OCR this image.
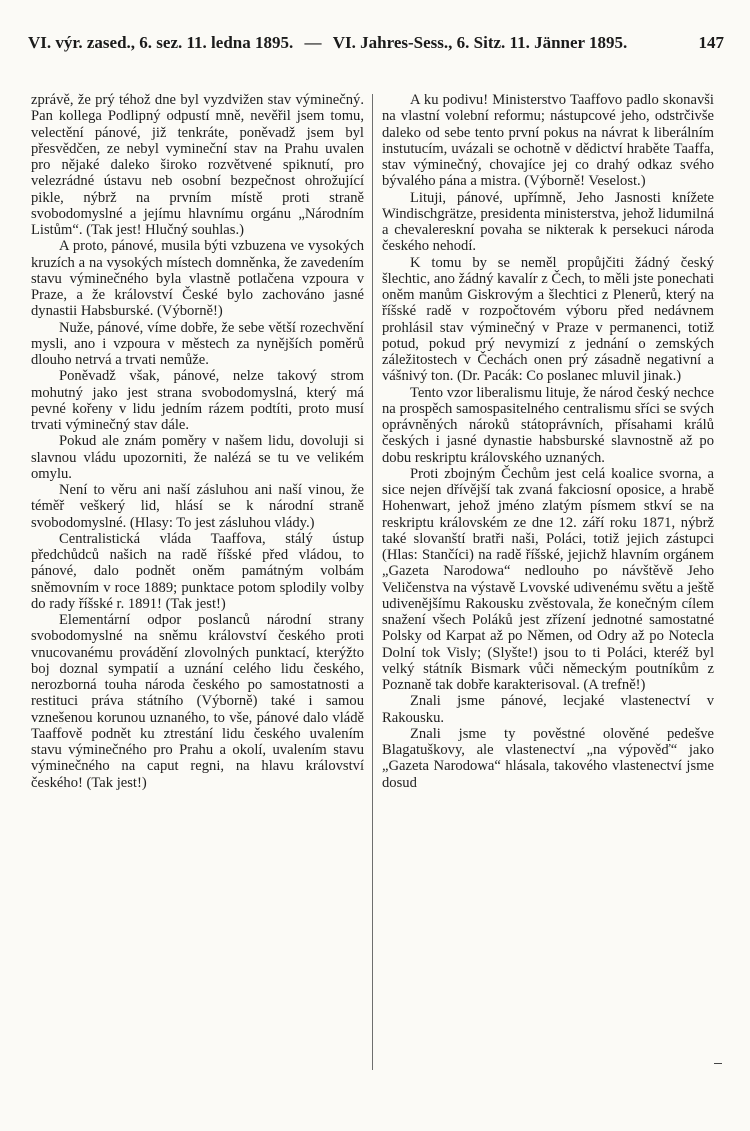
VI. výr. zased., 6. sez. 11. ledna 1895. — VI. Jahres-Sess., 6. Sitz. 11. Jänner 1895.	147

zprávě, že prý téhož dne byl vyzdvižen stav výminečný. Pan kollega Podlipný odpustí mně, nevěřil jsem tomu, velectění pánové, již tenkráte, poněvadž jsem byl přesvědčen, ze nebyl vymineční stav na Prahu uvalen pro nějaké daleko široko rozvětvené spiknutí, pro velezrádné ústavu neb osobní bezpečnost ohrožující pikle, nýbrž na prvním místě proti straně svobodomyslné a jejímu hlavnímu orgánu „Národním Listům“. (Tak jest! Hlučný souhlas.)

A proto, pánové, musila býti vzbuzena ve vysokých kruzích a na vysokých místech domněnka, že zavedením stavu výminečného byla vlastně potlačena vzpoura v Praze, a že království České bylo zachováno jasné dynastii Habsburské. (Výborně!)

Nuže, pánové, víme dobře, že sebe větší rozechvění mysli, ano i vzpoura v městech za nynějších poměrů dlouho netrvá a trvati nemůže.

Poněvadž však, pánové, nelze takový strom mohutný jako jest strana svobodomyslná, který má pevné kořeny v lidu jedním rázem podtíti, proto musí trvati výminečný stav dále.

Pokud ale znám poměry v našem lidu, dovoluji si slavnou vládu upozorniti, že nalézá se tu ve velikém omylu.

Není to věru ani naší zásluhou ani naší vinou, že téměř veškerý lid, hlásí se k národní straně svobodomyslné. (Hlasy: To jest zásluhou vlády.)

Centralistická vláda Taaffova, stálý ústup předchůdců našich na radě říšské před vládou, to pánové, dalo podnět oněm památným volbám sněmovním v roce 1889; punktace potom splodily volby do rady říšské r. 1891! (Tak jest!)

Elementární odpor poslanců národní strany svobodomyslné na sněmu království českého proti vnucovanému provádění zlovolných punktací, kterýžto boj doznal sympatií a uznání celého lidu českého, nerozborná touha národa českého po samostatnosti a restituci práva státního (Výborně) také i samou vznešenou korunou uznaného, to vše, pánové dalo vládě Taaffově podnět ku ztrestání lidu českého uvalením stavu výminečného pro Prahu a okolí, uvalením stavu výminečného na caput regni, na hlavu království českého! (Tak jest!)

A ku podivu! Ministerstvo Taaffovo padlo skonavši na vlastní volební reformu; nástupcové jeho, odstrčivše daleko od sebe tento první pokus na návrat k liberálním instutucím, uvázali se ochotně v dědictví hraběte Taaffa, stav výminečný, chovajíce jej co drahý odkaz svého bývalého pána a mistra. (Výborně! Veselost.)

Lituji, pánové, upřímně, Jeho Jasnosti knížete Windischgrätze, presidenta ministerstva, jehož lidumilná a chevalereskní povaha se nikterak k persekuci národa českého nehodí.

K tomu by se neměl propůjčiti žádný český šlechtic, ano žádný kavalír z Čech, to měli jste ponechati oněm manům Giskrovým a šlechtici z Plenerů, který na říšské radě v rozpočtovém výboru před nedávnem prohlásil stav výminečný v Praze v permanenci, totiž potud, pokud prý nevymizí z jednání o zemských záležitostech v Čechách onen prý zásadně negativní a vášnivý ton. (Dr. Pacák: Co poslanec mluvil jinak.)

Tento vzor liberalismu lituje, že národ český nechce na prospěch samospasitelného centralismu sříci se svých oprávněných nároků státoprávních, přísahami králů českých i jasné dynastie habsburské slavnostně až po dobu reskriptu královského uznaných.

Proti zbojným Čechům jest celá koalice svorna, a sice nejen dřívější tak zvaná fakciosní oposice, a hrabě Hohenwart, jehož jméno zlatým písmem stkví se na reskriptu královském ze dne 12. září roku 1871, nýbrž také slovanští bratři naši, Poláci, totiž jejich zástupci (Hlas: Stančíci) na radě říšské, jejichž hlavním orgánem „Gazeta Narodowa“ nedlouho po návštěvě Jeho Veličenstva na výstavě Lvovské udivenému světu a ještě udivenějšímu Rakousku zvěstovala, že konečným cílem snažení všech Poláků jest zřízení jednotné samostatné Polsky od Karpat až po Němen, od Odry až po Notecla Dolní tok Visly; (Slyšte!) jsou to ti Poláci, kteréž byl velký státník Bismark vůči německým poutníkům z Poznaně tak dobře karakterisoval. (A trefně!)

Znali jsme pánové, lecjaké vlastenectví v Rakousku.

Znali jsme ty pověstné olověné pedešve Blagatuškovy, ale vlastenectví „na výpověď“ jako „Gazeta Narodowa“ hlásala, takového vlastenectví jsme dosud
